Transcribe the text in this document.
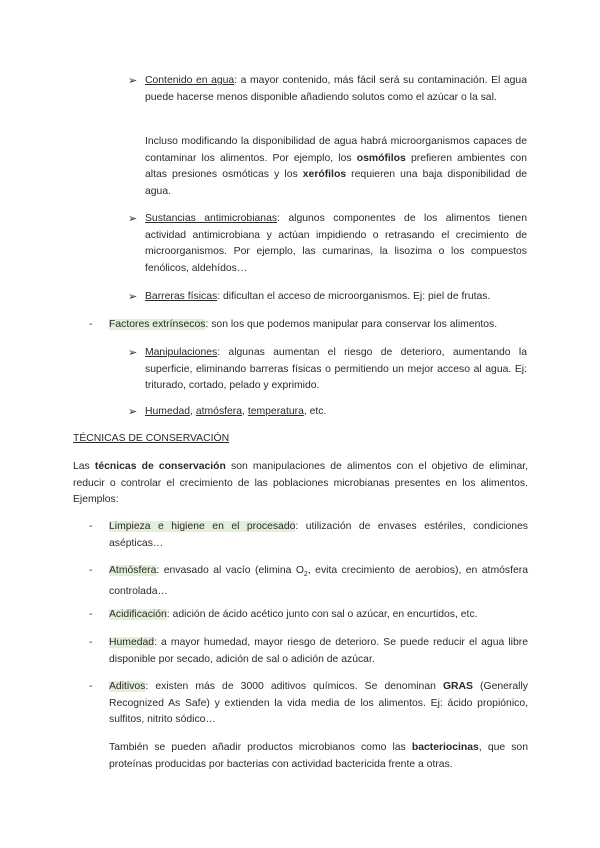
➢ Contenido en agua: a mayor contenido, más fácil será su contaminación. El agua puede hacerse menos disponible añadiendo solutos como el azúcar o la sal.
Incluso modificando la disponibilidad de agua habrá microorganismos capaces de contaminar los alimentos. Por ejemplo, los osmófilos prefieren ambientes con altas presiones osmóticas y los xerófilos requieren una baja disponibilidad de agua.
➢ Sustancias antimicrobianas: algunos componentes de los alimentos tienen actividad antimicrobiana y actúan impidiendo o retrasando el crecimiento de microorganismos. Por ejemplo, las cumarinas, la lisozima o los compuestos fenólicos, aldehídos…
➢ Barreras físicas: dificultan el acceso de microorganismos. Ej: piel de frutas.
- Factores extrínsecos: son los que podemos manipular para conservar los alimentos.
➢ Manipulaciones: algunas aumentan el riesgo de deterioro, aumentando la superficie, eliminando barreras físicas o permitiendo un mejor acceso al agua. Ej: triturado, cortado, pelado y exprimido.
➢ Humedad, atmósfera, temperatura, etc.
TÉCNICAS DE CONSERVACIÓN
Las técnicas de conservación son manipulaciones de alimentos con el objetivo de eliminar, reducir o controlar el crecimiento de las poblaciones microbianas presentes en los alimentos. Ejemplos:
- Limpieza e higiene en el procesado: utilización de envases estériles, condiciones asépticas…
- Atmósfera: envasado al vacío (elimina $O_2$, evita crecimiento de aerobios), en atmósfera controlada…
- Acidificación: adición de ácido acético junto con sal o azúcar, en encurtidos, etc.
- Humedad: a mayor humedad, mayor riesgo de deterioro. Se puede reducir el agua libre disponible por secado, adición de sal o adición de azúcar.
- Aditivos: existen más de 3000 aditivos químicos. Se denominan GRAS (Generally Recognized As Safe) y extienden la vida media de los alimentos. Ej: ácido propiónico, sulfitos, nitrito sódico…
También se pueden añadir productos microbianos como las bacteriocinas, que son proteínas producidas por bacterias con actividad bactericida frente a otras.
